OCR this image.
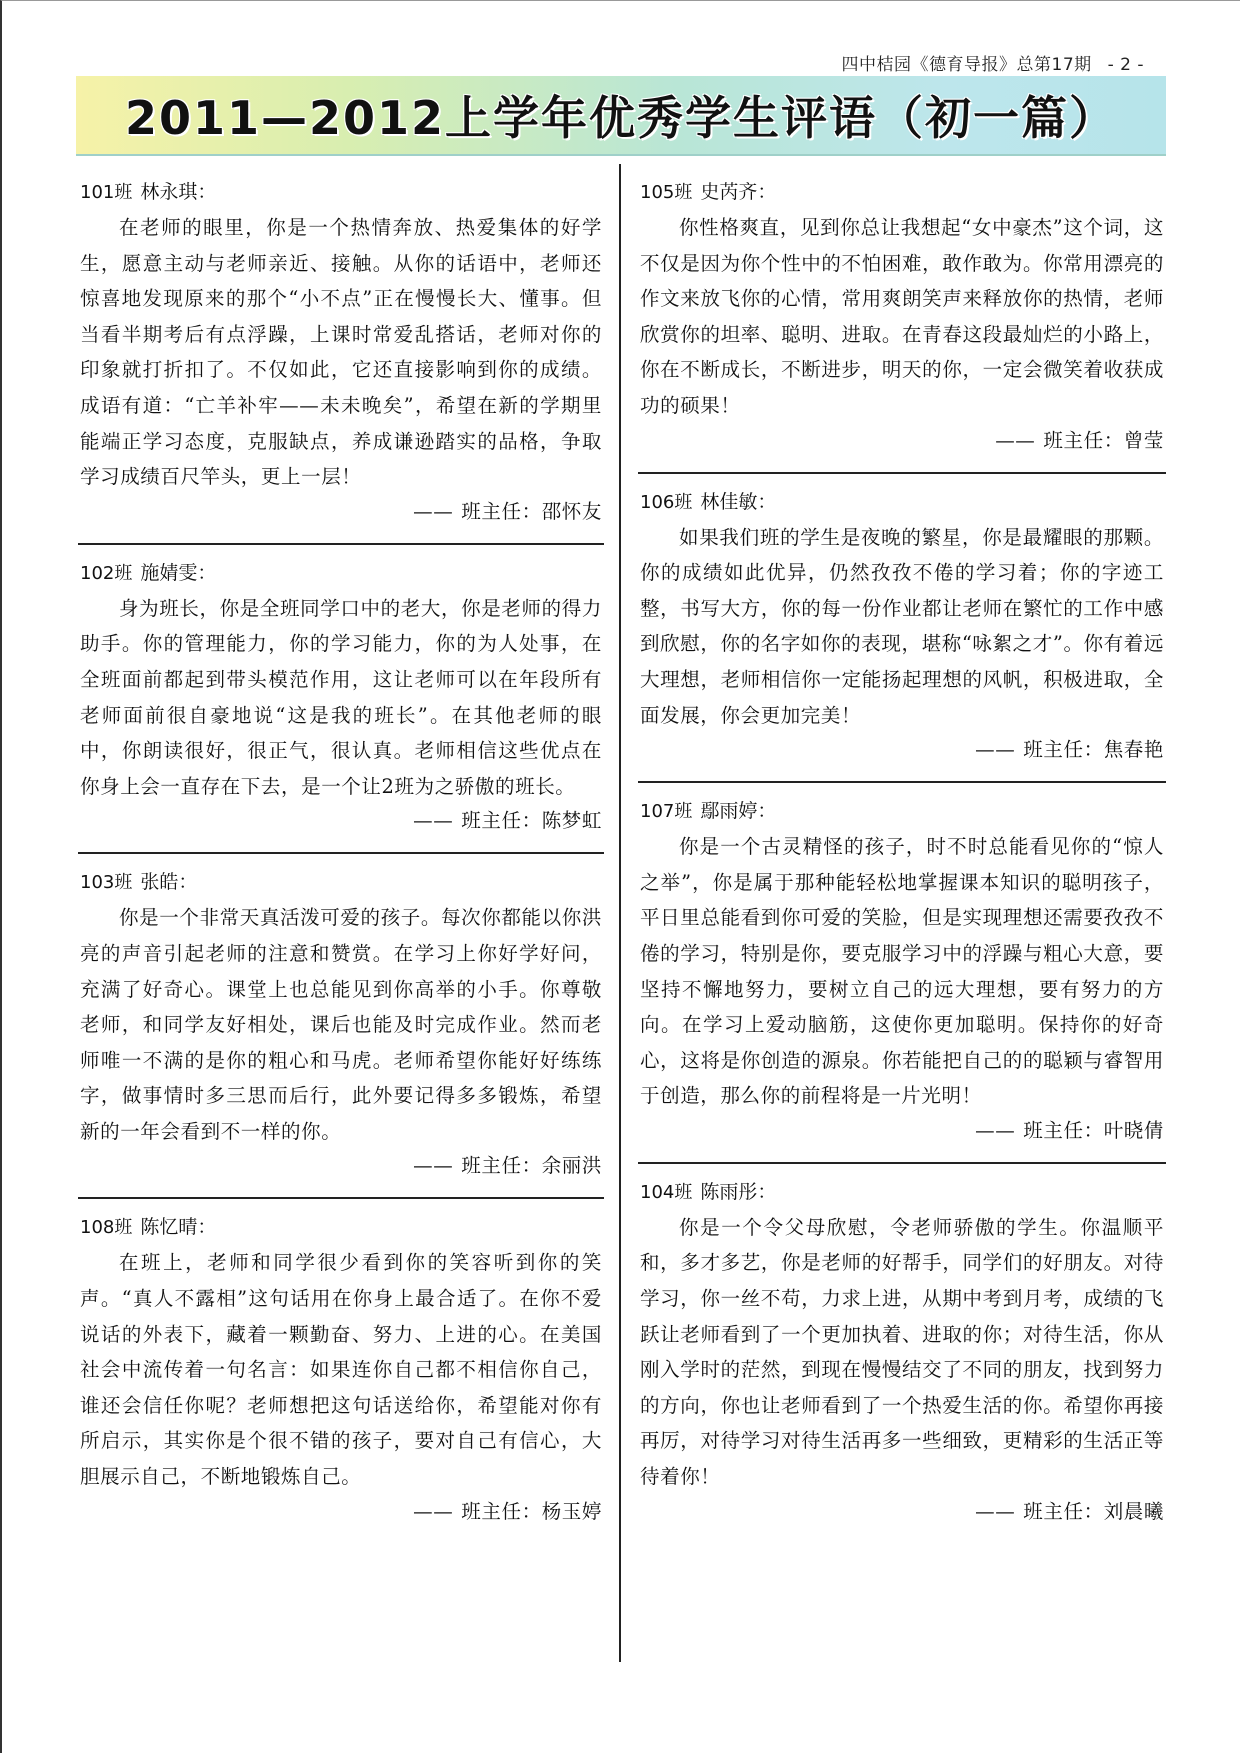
四中桔园《德育导报》总第17期 - 2 -
2011—2012上学年优秀学生评语（初一篇）

101班 林永琪：

在老师的眼里，你是一个热情奔放、热爱集体的好学生，愿意主动与老师亲近、接触。从你的话语中，老师还惊喜地发现原来的那个“小不点”正在慢慢长大、懂事。但当看半期考后有点浮躁，上课时常爱乱搭话，老师对你的印象就打折扣了。不仅如此，它还直接影响到你的成绩。成语有道：“亡羊补牢——未未晚矣”，希望在新的学期里能端正学习态度，克服缺点，养成谦逊踏实的品格，争取学习成绩百尺竿头，更上一层！

—— 班主任：邵怀友

102班 施婧雯：

身为班长，你是全班同学口中的老大，你是老师的得力助手。你的管理能力，你的学习能力，你的为人处事，在全班面前都起到带头模范作用，这让老师可以在年段所有老师面前很自豪地说“这是我的班长”。在其他老师的眼中，你朗读很好，很正气，很认真。老师相信这些优点在你身上会一直存在下去，是一个让2班为之骄傲的班长。

—— 班主任：陈梦虹

103班 张皓：

你是一个非常天真活泼可爱的孩子。每次你都能以你洪亮的声音引起老师的注意和赞赏。在学习上你好学好问，充满了好奇心。课堂上也总能见到你高举的小手。你尊敬老师，和同学友好相处，课后也能及时完成作业。然而老师唯一不满的是你的粗心和马虎。老师希望你能好好练练字，做事情时多三思而后行，此外要记得多多锻炼，希望新的一年会看到不一样的你。

—— 班主任：余丽洪

108班 陈忆晴：

在班上，老师和同学很少看到你的笑容听到你的笑声。“真人不露相”这句话用在你身上最合适了。在你不爱说话的外表下，藏着一颗勤奋、努力、上进的心。在美国社会中流传着一句名言：如果连你自己都不相信你自己，谁还会信任你呢？老师想把这句话送给你，希望能对你有所启示，其实你是个很不错的孩子，要对自己有信心，大胆展示自己，不断地锻炼自己。

—— 班主任：杨玉婷

105班 史芮齐：

你性格爽直，见到你总让我想起“女中豪杰”这个词，这不仅是因为你个性中的不怕困难，敢作敢为。你常用漂亮的作文来放飞你的心情，常用爽朗笑声来释放你的热情，老师欣赏你的坦率、聪明、进取。在青春这段最灿烂的小路上，你在不断成长，不断进步，明天的你，一定会微笑着收获成功的硕果！

—— 班主任：曾莹

106班 林佳敏：

如果我们班的学生是夜晚的繁星，你是最耀眼的那颗。你的成绩如此优异，仍然孜孜不倦的学习着；你的字迹工整，书写大方，你的每一份作业都让老师在繁忙的工作中感到欣慰，你的名字如你的表现，堪称“咏絮之才”。你有着远大理想，老师相信你一定能扬起理想的风帆，积极进取，全面发展，你会更加完美！

—— 班主任：焦春艳

107班 鄢雨婷：

你是一个古灵精怪的孩子，时不时总能看见你的“惊人之举”，你是属于那种能轻松地掌握课本知识的聪明孩子，平日里总能看到你可爱的笑脸，但是实现理想还需要孜孜不倦的学习，特别是你，要克服学习中的浮躁与粗心大意，要坚持不懈地努力，要树立自己的远大理想，要有努力的方向。在学习上爱动脑筋，这使你更加聪明。保持你的好奇心，这将是你创造的源泉。你若能把自己的的聪颖与睿智用于创造，那么你的前程将是一片光明！

—— 班主任：叶晓倩

104班 陈雨彤：

你是一个令父母欣慰，令老师骄傲的学生。你温顺平和，多才多艺，你是老师的好帮手，同学们的好朋友。对待学习，你一丝不苟，力求上进，从期中考到月考，成绩的飞跃让老师看到了一个更加执着、进取的你；对待生活，你从刚入学时的茫然，到现在慢慢结交了不同的朋友，找到努力的方向，你也让老师看到了一个热爱生活的你。希望你再接再厉，对待学习对待生活再多一些细致，更精彩的生活正等待着你！

—— 班主任：刘晨曦
